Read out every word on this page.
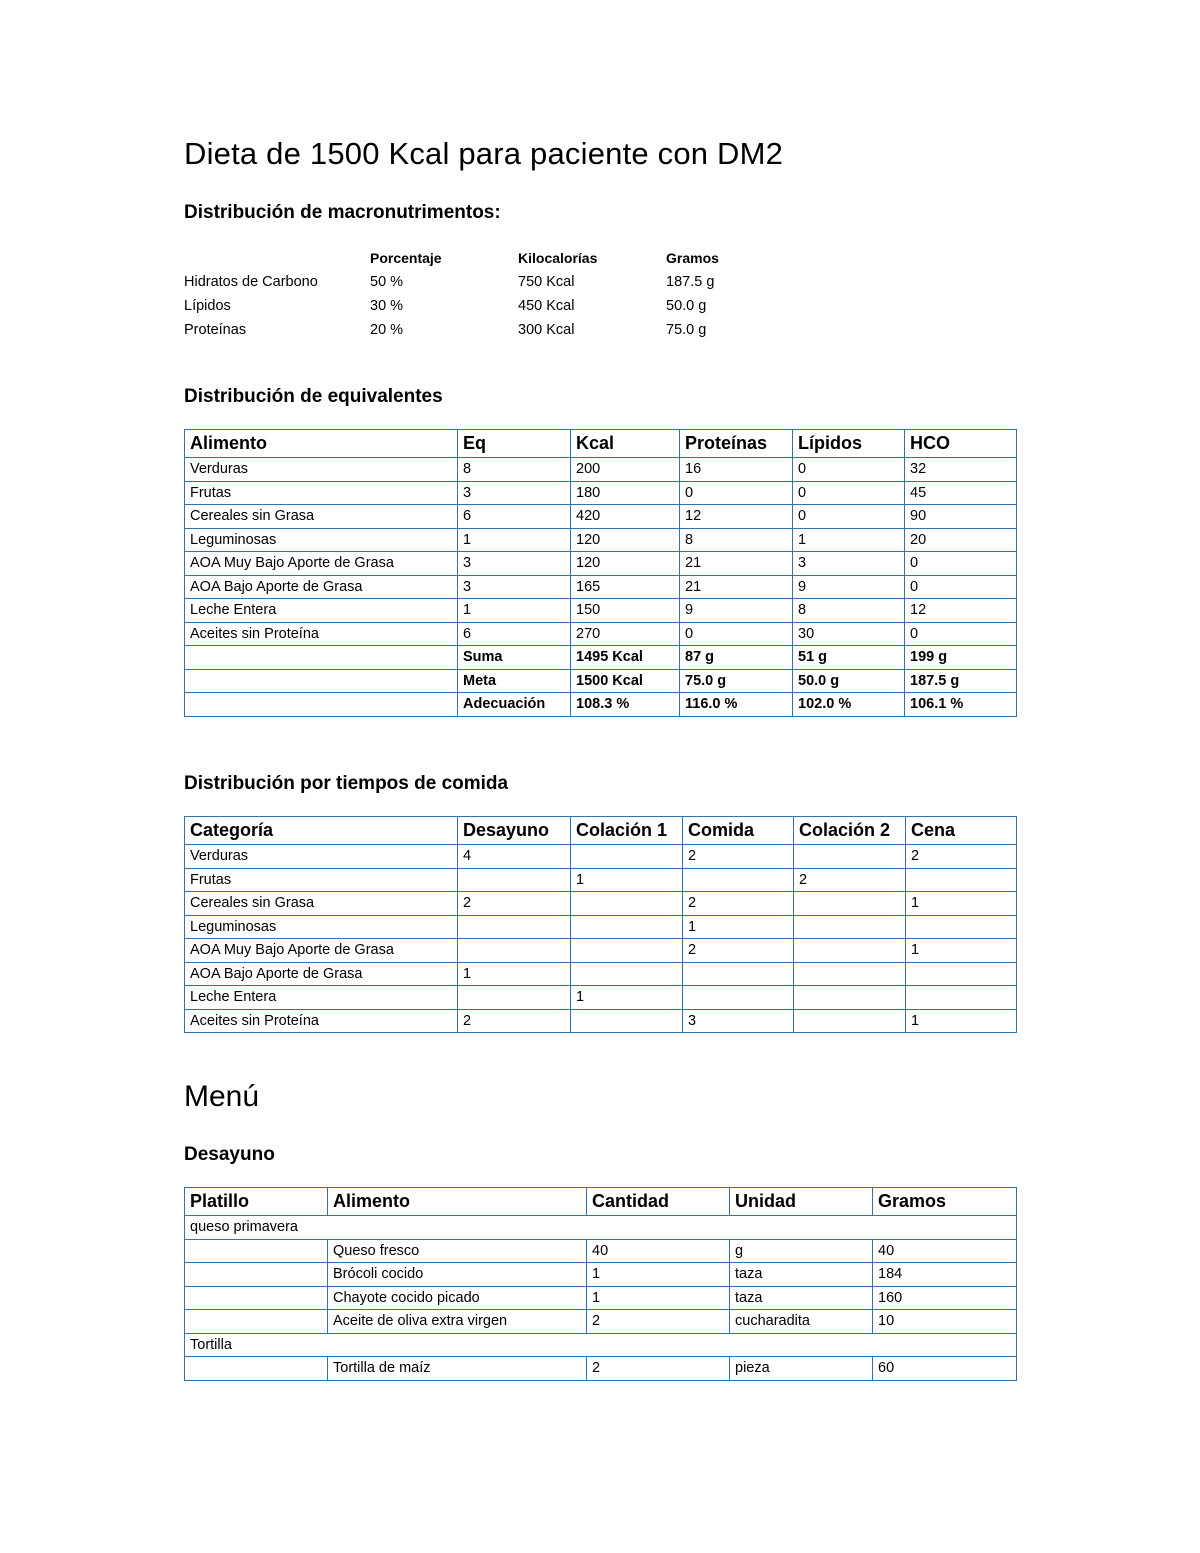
Dieta de 1500 Kcal para paciente con DM2
Distribución de macronutrimentos:
	Porcentaje	Kilocalorías	Gramos
Hidratos de Carbono	50 %	750 Kcal	187.5 g
Lípidos	30 %	450 Kcal	50.0 g
Proteínas	20 %	300 Kcal	75.0 g
Distribución de equivalentes
Alimento	Eq	Kcal	Proteínas	Lípidos	HCO
Verduras	8	200	16	0	32
Frutas	3	180	0	0	45
Cereales sin Grasa	6	420	12	0	90
Leguminosas	1	120	8	1	20
AOA Muy Bajo Aporte de Grasa	3	120	21	3	0
AOA Bajo Aporte de Grasa	3	165	21	9	0
Leche Entera	1	150	9	8	12
Aceites sin Proteína	6	270	0	30	0
	Suma	1495 Kcal	87 g	51 g	199 g
	Meta	1500 Kcal	75.0 g	50.0 g	187.5 g
	Adecuación	108.3 %	116.0 %	102.0 %	106.1 %
Distribución por tiempos de comida
Categoría	Desayuno	Colación 1	Comida	Colación 2	Cena
Verduras	4		2		2
Frutas		1		2	
Cereales sin Grasa	2		2		1
Leguminosas			1		
AOA Muy Bajo Aporte de Grasa			2		1
AOA Bajo Aporte de Grasa	1				
Leche Entera		1			
Aceites sin Proteína	2		3		1
Menú
Desayuno
Platillo	Alimento	Cantidad	Unidad	Gramos
queso primavera				
	Queso fresco	40	g	40
	Brócoli cocido	1	taza	184
	Chayote cocido picado	1	taza	160
	Aceite de oliva extra virgen	2	cucharadita	10
Tortilla				
	Tortilla de maíz	2	pieza	60
